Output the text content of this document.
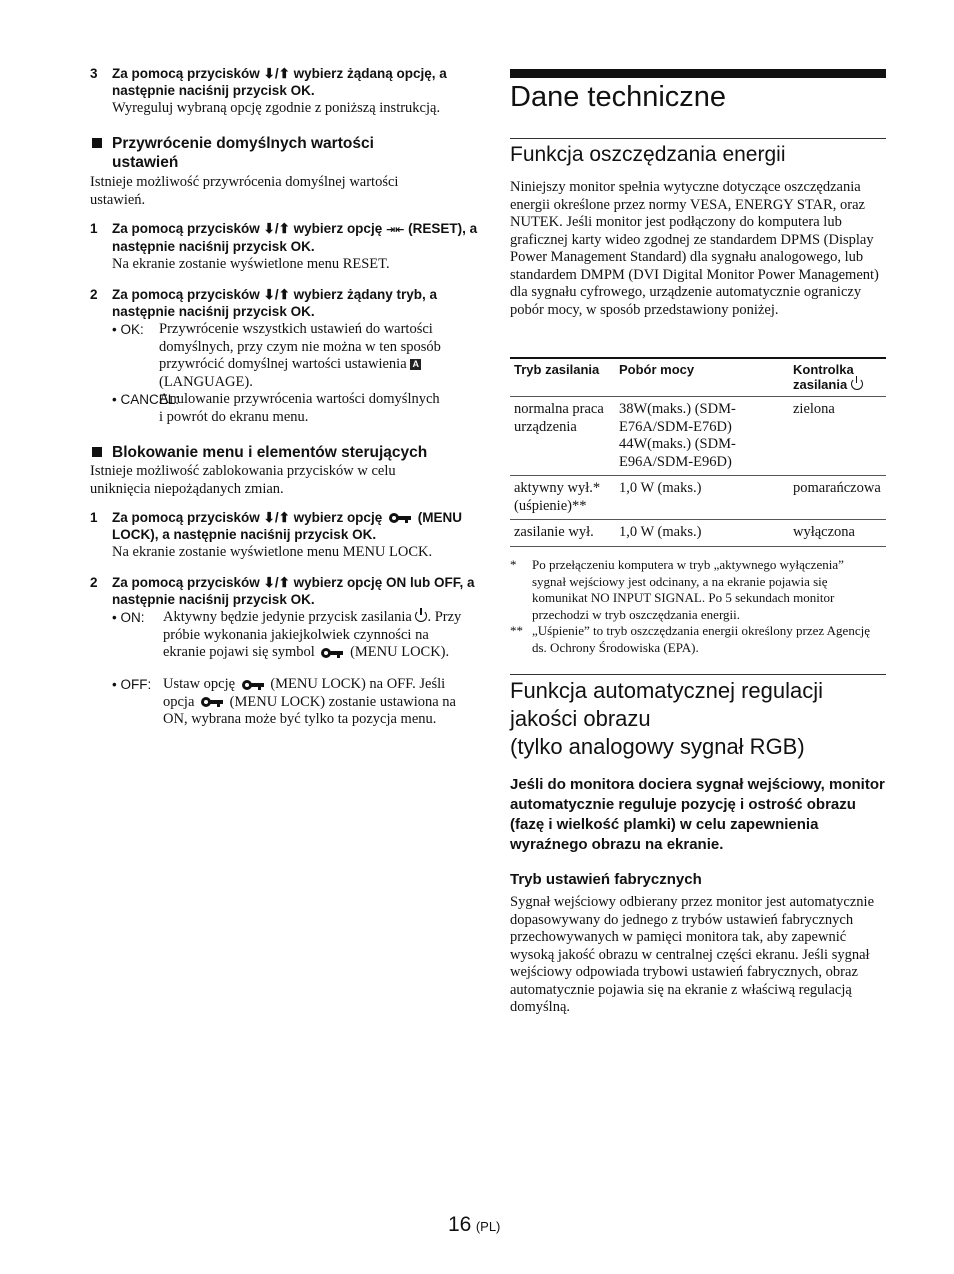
3 Za pomocą przycisków ⬇/⬆ wybierz żądaną opcję, a następnie naciśnij przycisk OK.
Wyreguluj wybraną opcję zgodnie z poniższą instrukcją.
Przywrócenie domyślnych wartości ustawień
Istnieje możliwość przywrócenia domyślnej wartości ustawień.
1 Za pomocą przycisków ⬇/⬆ wybierz opcję ⇥⇤ (RESET), a następnie naciśnij przycisk OK.
Na ekranie zostanie wyświetlone menu RESET.
2 Za pomocą przycisków ⬇/⬆ wybierz żądany tryb, a następnie naciśnij przycisk OK.
• OK: Przywrócenie wszystkich ustawień do wartości domyślnych, przy czym nie można w ten sposób przywrócić domyślnej wartości ustawienia A (LANGUAGE).
• CANCEL:
Anulowanie przywrócenia wartości domyślnych i powrót do ekranu menu.
Blokowanie menu i elementów sterujących
Istnieje możliwość zablokowania przycisków w celu uniknięcia niepożądanych zmian.
1 Za pomocą przycisków ⬇/⬆ wybierz opcję
(MENU LOCK), a następnie naciśnij przycisk OK.
Na ekranie zostanie wyświetlone menu MENU LOCK.
2 Za pomocą przycisków ⬇/⬆ wybierz opcję ON lub OFF, a następnie naciśnij przycisk OK.
• ON: Aktywny będzie jedynie przycisk zasilania . Przy próbie wykonania jakiejkolwiek czynności na ekranie pojawi się symbol
(MENU LOCK).
• OFF: Ustaw opcję
(MENU LOCK) na OFF. Jeśli opcja
(MENU LOCK) zostanie ustawiona na ON, wybrana może być tylko ta pozycja menu.
Dane techniczne
Funkcja oszczędzania energii
Niniejszy monitor spełnia wytyczne dotyczące oszczędzania energii określone przez normy VESA, ENERGY STAR, oraz NUTEK. Jeśli monitor jest podłączony do komputera lub graficznej karty wideo zgodnej ze standardem DPMS (Display Power Management Standard) dla sygnału analogowego, lub standardem DMPM (DVI Digital Monitor Power Management) dla sygnału cyfrowego, urządzenie automatycznie ograniczy pobór mocy, w sposób przedstawiony poniżej.
Tryb zasilania	Pobór mocy	Kontrolka zasilania
normalna praca urządzenia	38W(maks.) (SDM-E76A/SDM-E76D) 44W(maks.) (SDM-E96A/SDM-E96D)	zielona
aktywny wył.* (uśpienie)**	1,0 W (maks.)	pomarańczowa
zasilanie wył.	1,0 W (maks.)	wyłączona
* Po przełączeniu komputera w tryb „aktywnego wyłączenia” sygnał wejściowy jest odcinany, a na ekranie pojawia się komunikat NO INPUT SIGNAL. Po 5 sekundach monitor przechodzi w tryb oszczędzania energii.
** „Uśpienie” to tryb oszczędzania energii określony przez Agencję ds. Ochrony Środowiska (EPA).
Funkcja automatycznej regulacji
jakości obrazu
(tylko analogowy sygnał RGB)
Jeśli do monitora dociera sygnał wejściowy, monitor automatycznie reguluje pozycję i ostrość obrazu (fazę i wielkość plamki) w celu zapewnienia wyraźnego obrazu na ekranie.
Tryb ustawień fabrycznych
Sygnał wejściowy odbierany przez monitor jest automatycznie dopasowywany do jednego z trybów ustawień fabrycznych przechowywanych w pamięci monitora tak, aby zapewnić wysoką jakość obrazu w centralnej części ekranu. Jeśli sygnał wejściowy odpowiada trybowi ustawień fabrycznych, obraz automatycznie pojawia się na ekranie z właściwą regulacją domyślną.
16 (PL)
